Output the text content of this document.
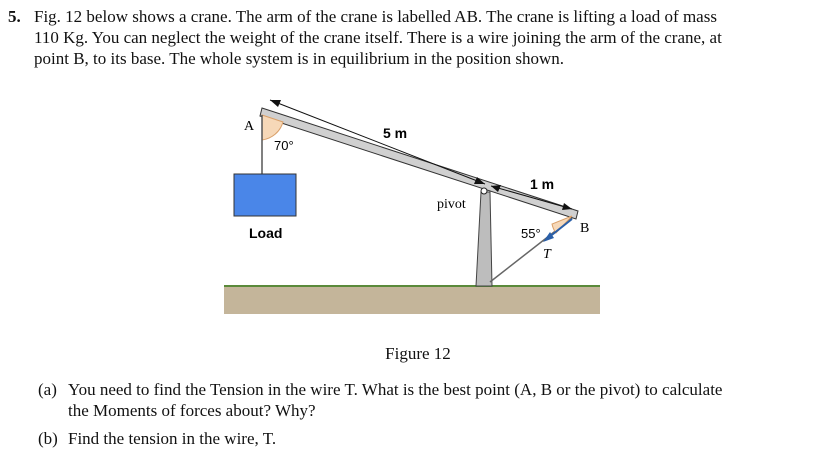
5. Fig. 12 below shows a crane. The arm of the crane is labelled AB. The crane is lifting a load of mass
110 Kg. You can neglect the weight of the crane itself. There is a wire joining the arm of the crane, at
point B, to its base. The whole system is in equilibrium in the position shown.
A
70°
5 m
1 m
pivot
Load	55°	B
T
Figure 12
(a) You need to find the Tension in the wire T. What is the best point (A, B or the pivot) to calculate
the Moments of forces about? Why?
(b) Find the tension in the wire, T.
